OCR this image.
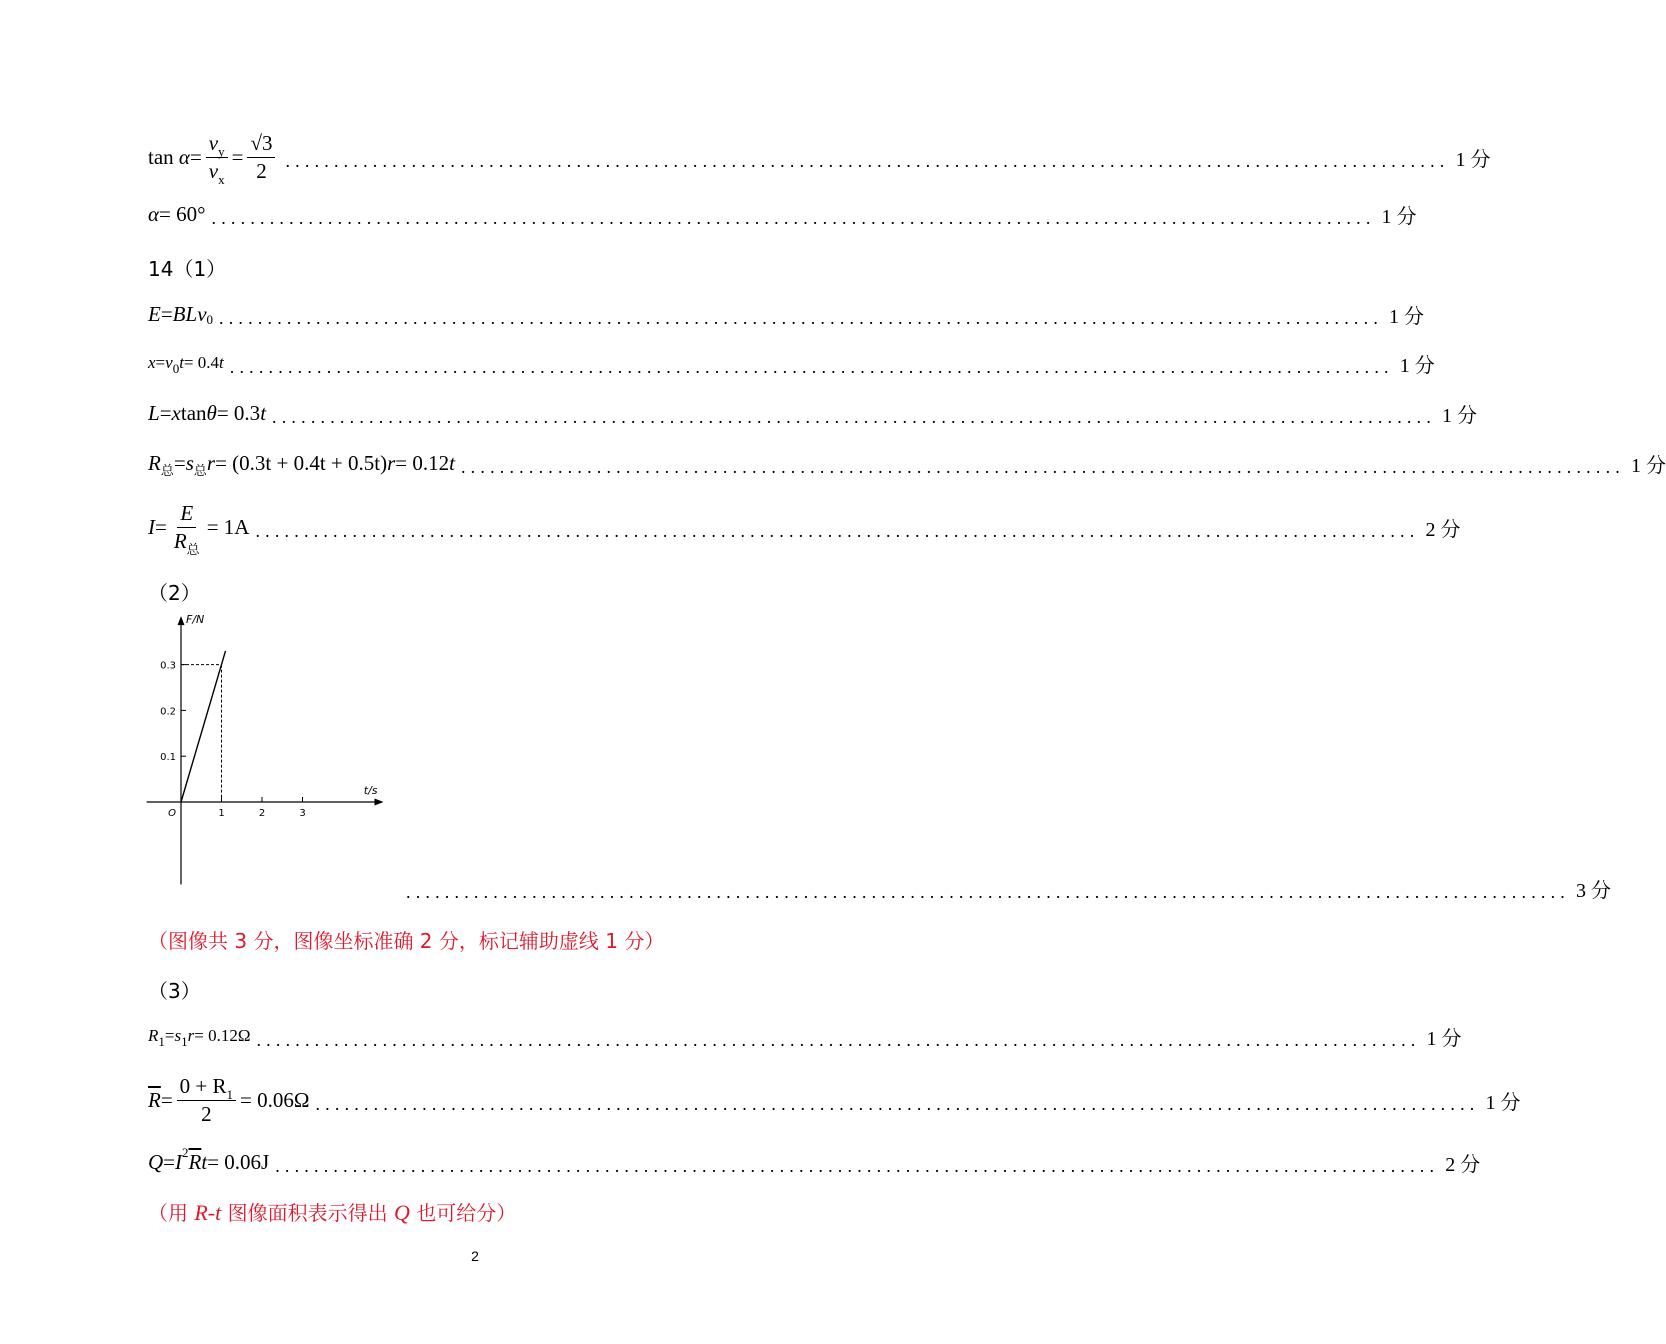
tan
$\alpha = \frac{v_y}{v_x} = \frac{√3}{2}$ ........................................................................................................................ 1 分
α = 60° ........................................................................................................................ 1 分
14（1）
E = BL v 0 ........................................................................................................................ 1 分
x = v 0 t = 0.4 t ........................................................................................................................ 1 分
L = x tan θ = 0.3 t ........................................................................................................................ 1 分
R 总 = s 总 r = (0.3t + 0.4t + 0.5t) r = 0.12 t ........................................................................................................................ 1 分
$I = \frac{E}{R_总} = 1A$ ........................................................................................................................ 2 分
（2）
1	2	3
0.1
0.2
0.3
O
t/s
F/N
........................................................................................................................ 3 分
（图像共 3 分，图像坐标准确 2 分，标记辅助虚线 1 分）
（3）
R 1 = s 1 r = 0.12Ω ........................................................................................................................ 1 分
$\overline{R} = \frac{0 + R_1}{2} = 0.06\Omega$ ........................................................................................................................ 1 分
Q = I 2 $\overline{R}$ t = 0.06J ........................................................................................................................ 2 分
（用 R-t 图像面积表示得出 Q 也可给分）
2
